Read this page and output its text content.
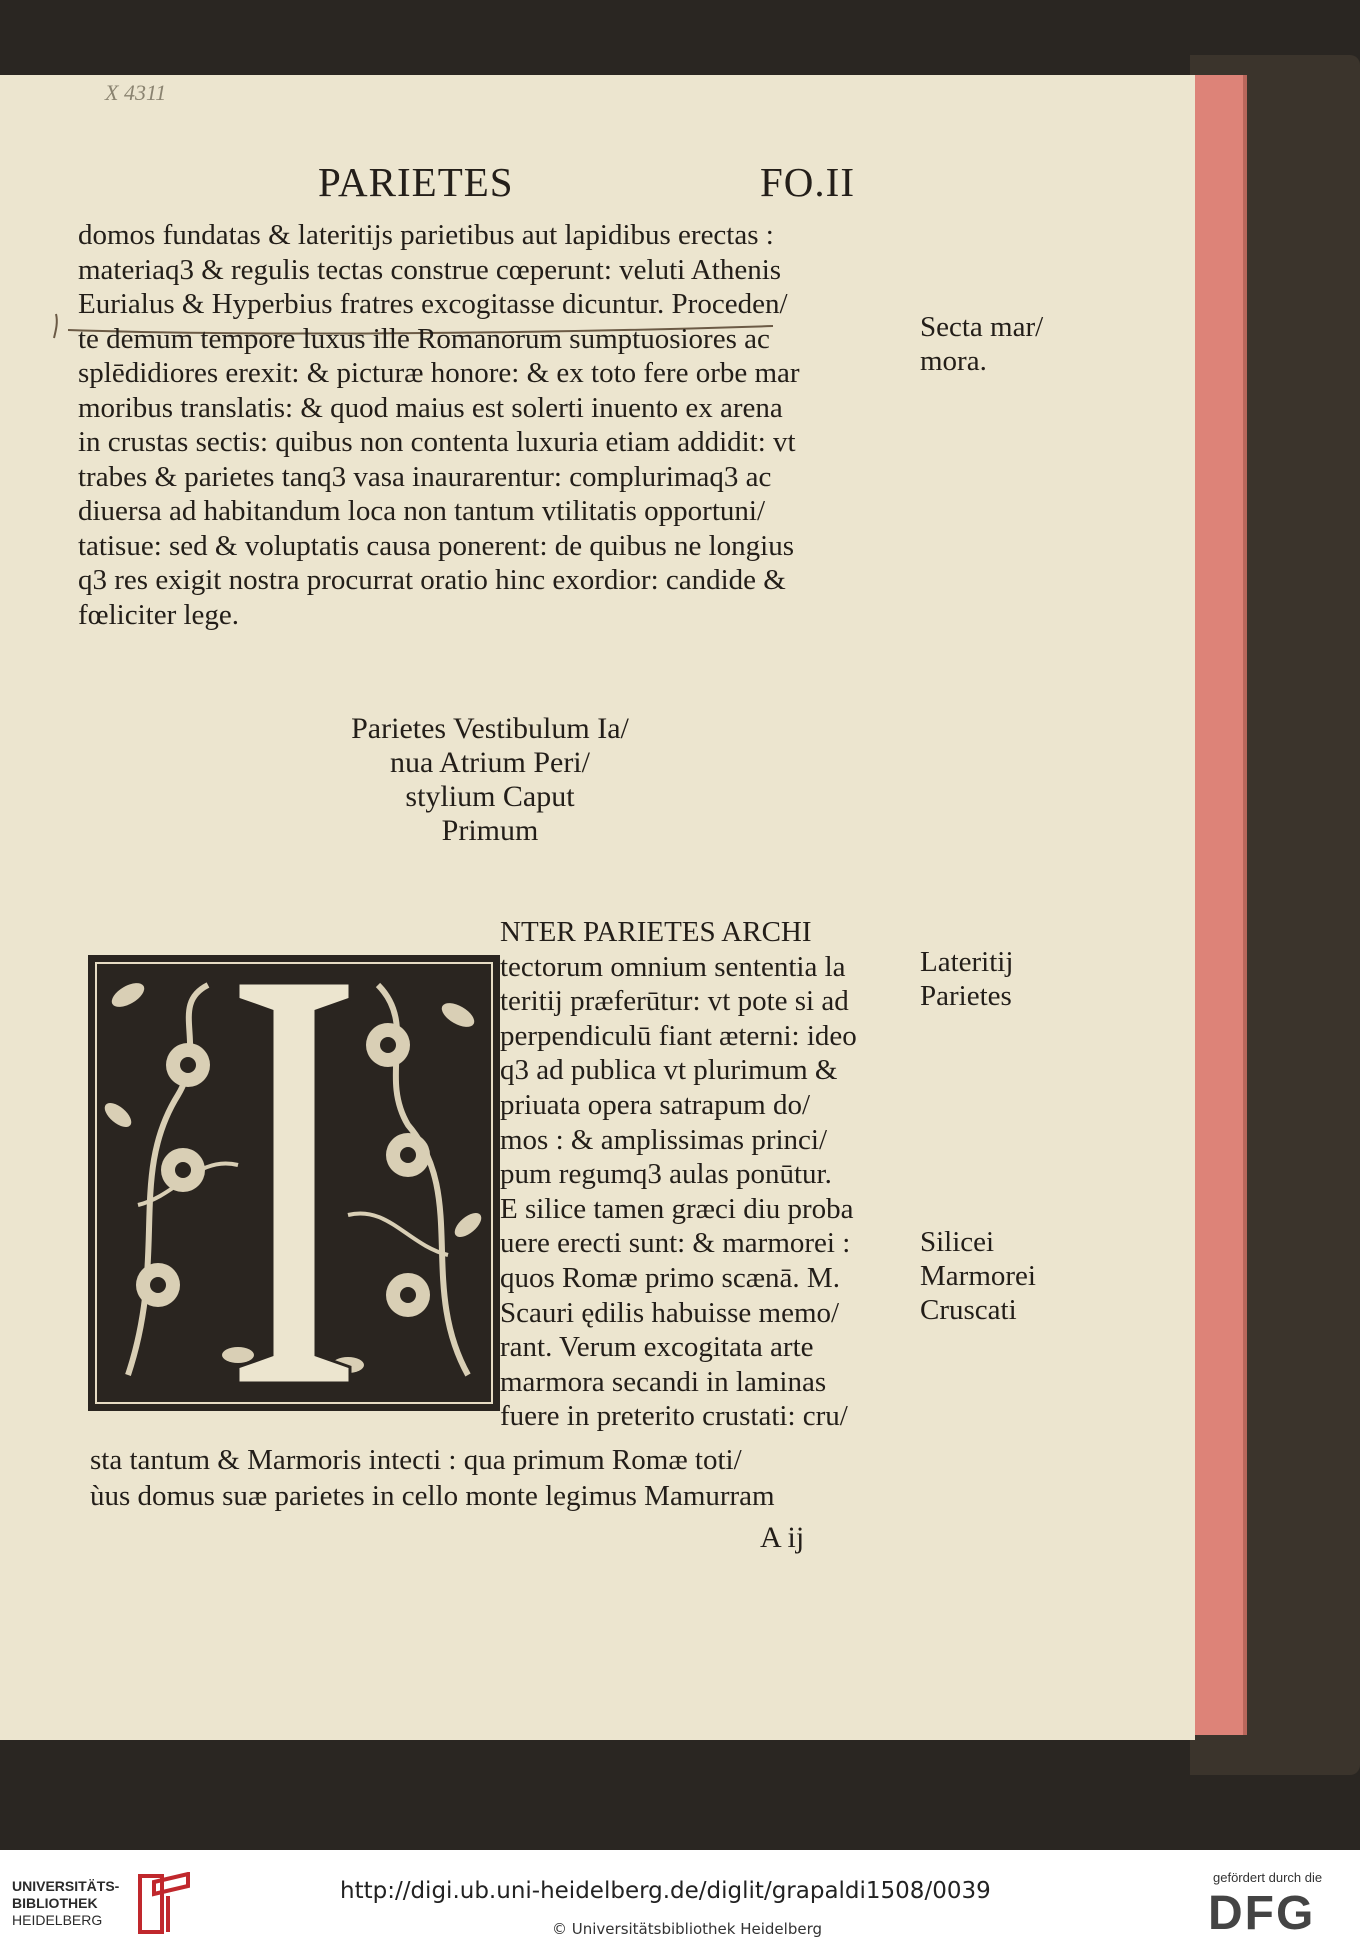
X 4311
PARIETES	FO.II

domos fundatas & lateritijs parietibus aut lapidibus erectas :

materiaq3 & regulis tectas construe cœperunt: veluti Athenis

Eurialus & Hyperbius fratres excogitasse dicuntur. Proceden/

te demum tempore luxus ille Romanorum sumptuosiores ac

splēdidiores erexit: & picturæ honore: & ex toto fere orbe mar

moribus translatis: & quod maius est solerti inuento ex arena

in crustas sectis: quibus non contenta luxuria etiam addidit: vt

trabes & parietes tanq3 vasa inaurarentur: complurimaq3 ac

diuersa ad habitandum loca non tantum vtilitatis opportuni/

tatisue: sed & voluptatis causa ponerent: de quibus ne longius

q3 res exigit nostra procurrat oratio hinc exordior: candide &

fœliciter lege.

Secta mar/
mora.

Parietes Vestibulum Ia/

nua Atrium Peri/

stylium Caput

Primum

NTER PARIETES ARCHI

tectorum omnium sententia la

teritij præferūtur: vt pote si ad

perpendiculū fiant æterni: ideo

q3 ad publica vt plurimum &

priuata opera satrapum do/

mos : & amplissimas princi/

pum regumq3 aulas ponūtur.

E silice tamen græci diu proba

uere erecti sunt: & marmorei :

quos Romæ primo scænā. M.

Scauri ędilis habuisse memo/

rant. Verum excogitata arte

marmora secandi in laminas

fuere in preterito crustati: cru/

sta tantum & Marmoris intecti : qua primum Romæ toti/

ùus domus suæ parietes in cello monte legimus Mamurram

Lateritij
Parietes

Silicei
Marmorei
Cruscati

A ij
UNIVERSITÄTS-
BIBLIOTHEK
HEIDELBERG
http://digi.ub.uni-heidelberg.de/diglit/grapaldi1508/0039
© Universitätsbibliothek Heidelberg
gefördert durch die
DFG
